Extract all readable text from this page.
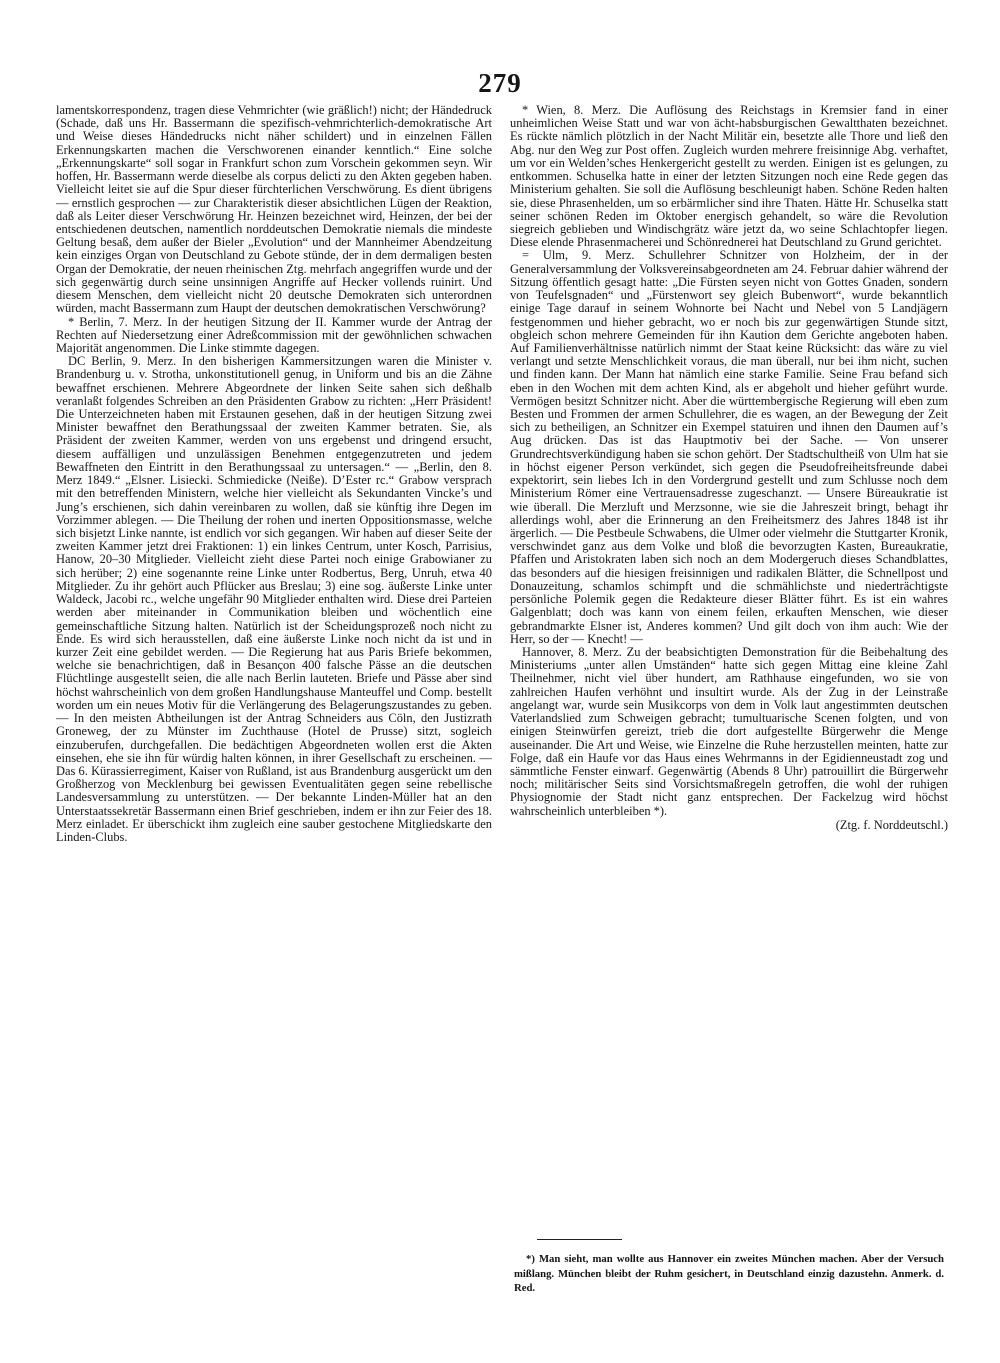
279

lamentskorrespondenz, tragen diese Vehmrichter (wie gräßlich!) nicht; der Händedruck (Schade, daß uns Hr. Bassermann die spezifisch-vehmrichterlich-demokratische Art und Weise dieses Händedrucks nicht näher schildert) und in einzelnen Fällen Erkennungskarten machen die Verschworenen einander kenntlich.“ Eine solche „Erkennungskarte“ soll sogar in Frankfurt schon zum Vorschein gekommen seyn. Wir hoffen, Hr. Bassermann werde dieselbe als corpus delicti zu den Akten gegeben haben. Vielleicht leitet sie auf die Spur dieser fürchterlichen Verschwörung. Es dient übrigens — ernstlich gesprochen — zur Charakteristik dieser absichtlichen Lügen der Reaktion, daß als Leiter dieser Verschwörung Hr. Heinzen bezeichnet wird, Heinzen, der bei der entschiedenen deutschen, namentlich norddeutschen Demokratie niemals die mindeste Geltung besaß, dem außer der Bieler „Evolution“ und der Mannheimer Abendzeitung kein einziges Organ von Deutschland zu Gebote stünde, der in dem dermaligen besten Organ der Demokratie, der neuen rheinischen Ztg. mehrfach angegriffen wurde und der sich gegenwärtig durch seine unsinnigen Angriffe auf Hecker vollends ruinirt. Und diesem Menschen, dem vielleicht nicht 20 deutsche Demokraten sich unterordnen würden, macht Bassermann zum Haupt der deutschen demokratischen Verschwörung?

* Berlin, 7. Merz. In der heutigen Sitzung der II. Kammer wurde der Antrag der Rechten auf Niedersetzung einer Adreßcommission mit der gewöhnlichen schwachen Majorität angenommen. Die Linke stimmte dagegen.

DC Berlin, 9. Merz. In den bisherigen Kammersitzungen waren die Minister v. Brandenburg u. v. Strotha, unkonstitutionell genug, in Uniform und bis an die Zähne bewaffnet erschienen. Mehrere Abgeordnete der linken Seite sahen sich deßhalb veranlaßt folgendes Schreiben an den Präsidenten Grabow zu richten: „Herr Präsident! Die Unterzeichneten haben mit Erstaunen gesehen, daß in der heutigen Sitzung zwei Minister bewaffnet den Berathungssaal der zweiten Kammer betraten. Sie, als Präsident der zweiten Kammer, werden von uns ergebenst und dringend ersucht, diesem auffälligen und unzulässigen Benehmen entgegenzutreten und jedem Bewaffneten den Eintritt in den Berathungssaal zu untersagen.“ — „Berlin, den 8. Merz 1849.“ „Elsner. Lisiecki. Schmiedicke (Neiße). D’Ester rc.“ Grabow versprach mit den betreffenden Ministern, welche hier vielleicht als Sekundanten Vincke’s und Jung’s erschienen, sich dahin vereinbaren zu wollen, daß sie künftig ihre Degen im Vorzimmer ablegen. — Die Theilung der rohen und inerten Oppositionsmasse, welche sich bisjetzt Linke nannte, ist endlich vor sich gegangen. Wir haben auf dieser Seite der zweiten Kammer jetzt drei Fraktionen: 1) ein linkes Centrum, unter Kosch, Parrisius, Hanow, 20–30 Mitglieder. Vielleicht zieht diese Partei noch einige Grabowianer zu sich herüber; 2) eine sogenannte reine Linke unter Rodbertus, Berg, Unruh, etwa 40 Mitglieder. Zu ihr gehört auch Pflücker aus Breslau; 3) eine sog. äußerste Linke unter Waldeck, Jacobi rc., welche ungefähr 90 Mitglieder enthalten wird. Diese drei Parteien werden aber miteinander in Communikation bleiben und wöchentlich eine gemeinschaftliche Sitzung halten. Natürlich ist der Scheidungsprozeß noch nicht zu Ende. Es wird sich herausstellen, daß eine äußerste Linke noch nicht da ist und in kurzer Zeit eine gebildet werden. — Die Regierung hat aus Paris Briefe bekommen, welche sie benachrichtigen, daß in Besançon 400 falsche Pässe an die deutschen Flüchtlinge ausgestellt seien, die alle nach Berlin lauteten. Briefe und Pässe aber sind höchst wahrscheinlich von dem großen Handlungshause Manteuffel und Comp. bestellt worden um ein neues Motiv für die Verlängerung des Belagerungszustandes zu geben. — In den meisten Abtheilungen ist der Antrag Schneiders aus Cöln, den Justizrath Groneweg, der zu Münster im Zuchthause (Hotel de Prusse) sitzt, sogleich einzuberufen, durchgefallen. Die bedächtigen Abgeordneten wollen erst die Akten einsehen, ehe sie ihn für würdig halten können, in ihrer Gesellschaft zu erscheinen. — Das 6. Kürassierregiment, Kaiser von Rußland, ist aus Brandenburg ausgerückt um den Großherzog von Mecklenburg bei gewissen Eventualitäten gegen seine rebellische Landesversammlung zu unterstützen. — Der bekannte Linden-Müller hat an den Unterstaatssekretär Bassermann einen Brief geschrieben, indem er ihn zur Feier des 18. Merz einladet. Er überschickt ihm zugleich eine sauber gestochene Mitgliedskarte den Linden-Clubs.

* Wien, 8. Merz. Die Auflösung des Reichstags in Kremsier fand in einer unheimlichen Weise Statt und war von ächt-habsburgischen Gewaltthaten bezeichnet. Es rückte nämlich plötzlich in der Nacht Militär ein, besetzte alle Thore und ließ den Abg. nur den Weg zur Post offen. Zugleich wurden mehrere freisinnige Abg. verhaftet, um vor ein Welden’sches Henkergericht gestellt zu werden. Einigen ist es gelungen, zu entkommen. Schuselka hatte in einer der letzten Sitzungen noch eine Rede gegen das Ministerium gehalten. Sie soll die Auflösung beschleunigt haben. Schöne Reden halten sie, diese Phrasenhelden, um so erbärmlicher sind ihre Thaten. Hätte Hr. Schuselka statt seiner schönen Reden im Oktober energisch gehandelt, so wäre die Revolution siegreich geblieben und Windischgrätz wäre jetzt da, wo seine Schlachtopfer liegen. Diese elende Phrasenmacherei und Schönrednerei hat Deutschland zu Grund gerichtet.

= Ulm, 9. Merz. Schullehrer Schnitzer von Holzheim, der in der Generalversammlung der Volksvereinsabgeordneten am 24. Februar dahier während der Sitzung öffentlich gesagt hatte: „Die Fürsten seyen nicht von Gottes Gnaden, sondern von Teufelsgnaden“ und „Fürstenwort sey gleich Bubenwort“, wurde bekanntlich einige Tage darauf in seinem Wohnorte bei Nacht und Nebel von 5 Landjägern festgenommen und hieher gebracht, wo er noch bis zur gegenwärtigen Stunde sitzt, obgleich schon mehrere Gemeinden für ihn Kaution dem Gerichte angeboten haben. Auf Familienverhältnisse natürlich nimmt der Staat keine Rücksicht: das wäre zu viel verlangt und setzte Menschlichkeit voraus, die man überall, nur bei ihm nicht, suchen und finden kann. Der Mann hat nämlich eine starke Familie. Seine Frau befand sich eben in den Wochen mit dem achten Kind, als er abgeholt und hieher geführt wurde. Vermögen besitzt Schnitzer nicht. Aber die württembergische Regierung will eben zum Besten und Frommen der armen Schullehrer, die es wagen, an der Bewegung der Zeit sich zu betheiligen, an Schnitzer ein Exempel statuiren und ihnen den Daumen auf’s Aug drücken. Das ist das Hauptmotiv bei der Sache. — Von unserer Grundrechtsverkündigung haben sie schon gehört. Der Stadtschultheiß von Ulm hat sie in höchst eigener Person verkündet, sich gegen die Pseudofreiheitsfreunde dabei expektorirt, sein liebes Ich in den Vordergrund gestellt und zum Schlusse noch dem Ministerium Römer eine Vertrauensadresse zugeschanzt. — Unsere Büreaukratie ist wie überall. Die Merzluft und Merzsonne, wie sie die Jahreszeit bringt, behagt ihr allerdings wohl, aber die Erinnerung an den Freiheitsmerz des Jahres 1848 ist ihr ärgerlich. — Die Pestbeule Schwabens, die Ulmer oder vielmehr die Stuttgarter Kronik, verschwindet ganz aus dem Volke und bloß die bevorzugten Kasten, Bureaukratie, Pfaffen und Aristokraten laben sich noch an dem Modergeruch dieses Schandblattes, das besonders auf die hiesigen freisinnigen und radikalen Blätter, die Schnellpost und Donauzeitung, schamlos schimpft und die schmählichste und niederträchtigste persönliche Polemik gegen die Redakteure dieser Blätter führt. Es ist ein wahres Galgenblatt; doch was kann von einem feilen, erkauften Menschen, wie dieser gebrandmarkte Elsner ist, Anderes kommen? Und gilt doch von ihm auch: Wie der Herr, so der — Knecht! —

Hannover, 8. Merz. Zu der beabsichtigten Demonstration für die Beibehaltung des Ministeriums „unter allen Umständen“ hatte sich gegen Mittag eine kleine Zahl Theilnehmer, nicht viel über hundert, am Rathhause eingefunden, wo sie von zahlreichen Haufen verhöhnt und insultirt wurde. Als der Zug in der Leinstraße angelangt war, wurde sein Musikcorps von dem in Volk laut angestimmten deutschen Vaterlandslied zum Schweigen gebracht; tumultuarische Scenen folgten, und von einigen Steinwürfen gereizt, trieb die dort aufgestellte Bürgerwehr die Menge auseinander. Die Art und Weise, wie Einzelne die Ruhe herzustellen meinten, hatte zur Folge, daß ein Haufe vor das Haus eines Wehrmanns in der Egidienneustadt zog und sämmtliche Fenster einwarf. Gegenwärtig (Abends 8 Uhr) patrouillirt die Bürgerwehr noch; militärischer Seits sind Vorsichtsmaßregeln getroffen, die wohl der ruhigen Physiognomie der Stadt nicht ganz entsprechen. Der Fackelzug wird höchst wahrscheinlich unterbleiben *).

(Ztg. f. Norddeutschl.)

*) Man sieht, man wollte aus Hannover ein zweites München machen. Aber der Versuch mißlang. München bleibt der Ruhm gesichert, in Deutschland einzig dazustehn. Anmerk. d. Red.
